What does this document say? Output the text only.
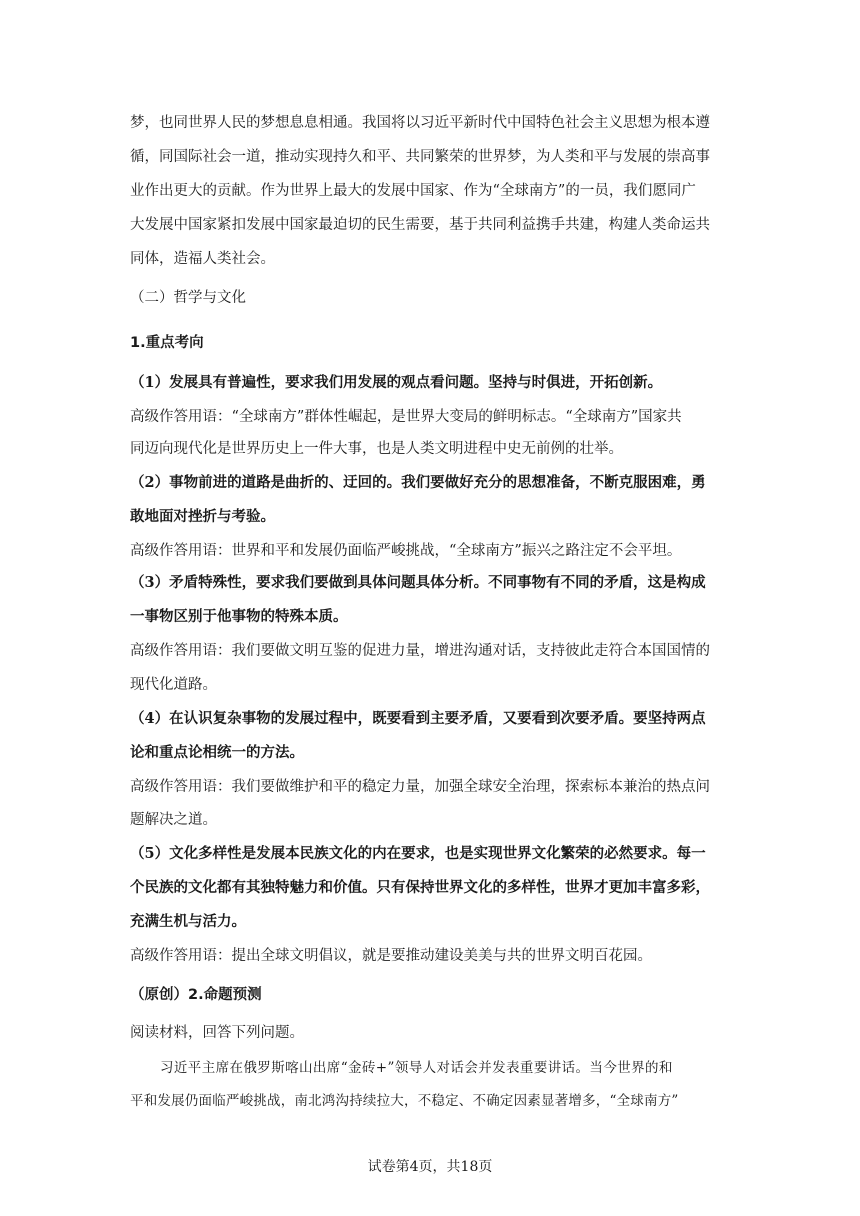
梦，也同世界人民的梦想息息相通。我国将以习近平新时代中国特色社会主义思想为根本遵
循，同国际社会一道，推动实现持久和平、共同繁荣的世界梦，为人类和平与发展的崇高事
业作出更大的贡献。作为世界上最大的发展中国家、作为“全球南方”的一员，我们愿同广
大发展中国家紧扣发展中国家最迫切的民生需要，基于共同利益携手共建，构建人类命运共
同体，造福人类社会。
（二）哲学与文化
1.重点考向
（1）发展具有普遍性，要求我们用发展的观点看问题。坚持与时俱进，开拓创新。
高级作答用语：“全球南方”群体性崛起，是世界大变局的鲜明标志。“全球南方”国家共
同迈向现代化是世界历史上一件大事，也是人类文明进程中史无前例的壮举。
（2）事物前进的道路是曲折的、迂回的。我们要做好充分的思想准备，不断克服困难，勇
敢地面对挫折与考验。
高级作答用语：世界和平和发展仍面临严峻挑战，“全球南方”振兴之路注定不会平坦。
（3）矛盾特殊性，要求我们要做到具体问题具体分析。不同事物有不同的矛盾，这是构成
一事物区别于他事物的特殊本质。
高级作答用语：我们要做文明互鉴的促进力量，增进沟通对话，支持彼此走符合本国国情的
现代化道路。
（4）在认识复杂事物的发展过程中，既要看到主要矛盾，又要看到次要矛盾。要坚持两点
论和重点论相统一的方法。
高级作答用语：我们要做维护和平的稳定力量，加强全球安全治理，探索标本兼治的热点问
题解决之道。
（5）文化多样性是发展本民族文化的内在要求，也是实现世界文化繁荣的必然要求。每一
个民族的文化都有其独特魅力和价值。只有保持世界文化的多样性，世界才更加丰富多彩，
充满生机与活力。
高级作答用语：提出全球文明倡议，就是要推动建设美美与共的世界文明百花园。
（原创）2.命题预测
阅读材料，回答下列问题。
习近平主席在俄罗斯喀山出席“金砖+”领导人对话会并发表重要讲话。当今世界的和
平和发展仍面临严峻挑战，南北鸿沟持续拉大，不稳定、不确定因素显著增多，“全球南方”
试卷第4页，共18页
